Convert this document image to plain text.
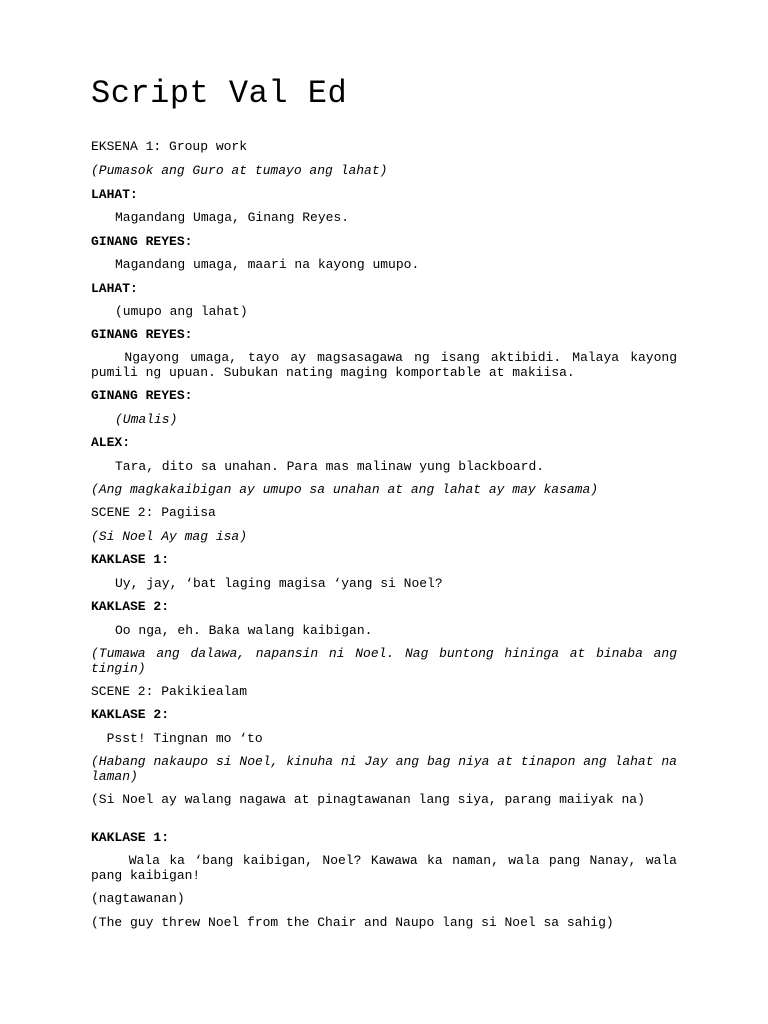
Script Val Ed
EKSENA 1: Group work
(Pumasok ang Guro at tumayo ang lahat)
LAHAT:
Magandang Umaga, Ginang Reyes.
GINANG REYES:
Magandang umaga, maari na kayong umupo.
LAHAT:
(umupo ang lahat)
GINANG REYES:
Ngayong umaga, tayo ay magsasagawa ng isang aktibidi. Malaya kayong pumili ng upuan. Subukan nating maging komportable at makiisa.
GINANG REYES:
(Umalis)
ALEX:
Tara, dito sa unahan. Para mas malinaw yung blackboard.
(Ang magkakaibigan ay umupo sa unahan at ang lahat ay may kasama)
SCENE 2: Pagiisa
(Si Noel Ay mag isa)
KAKLASE 1:
Uy, jay, ‘bat laging magisa ‘yang si Noel?
KAKLASE 2:
Oo nga, eh. Baka walang kaibigan.
(Tumawa ang dalawa, napansin ni Noel. Nag buntong hininga at binaba ang tingin)
SCENE 2: Pakikiealam
KAKLASE 2:
Psst! Tingnan mo ‘to
(Habang nakaupo si Noel, kinuha ni Jay ang bag niya at tinapon ang lahat na laman)
(Si Noel ay walang nagawa at pinagtawanan lang siya, parang maiiyak na)
KAKLASE 1:
Wala ka ‘bang kaibigan, Noel? Kawawa ka naman, wala pang Nanay, wala pang kaibigan!
(nagtawanan)
(The guy threw Noel from the Chair and Naupo lang si Noel sa sahig)
